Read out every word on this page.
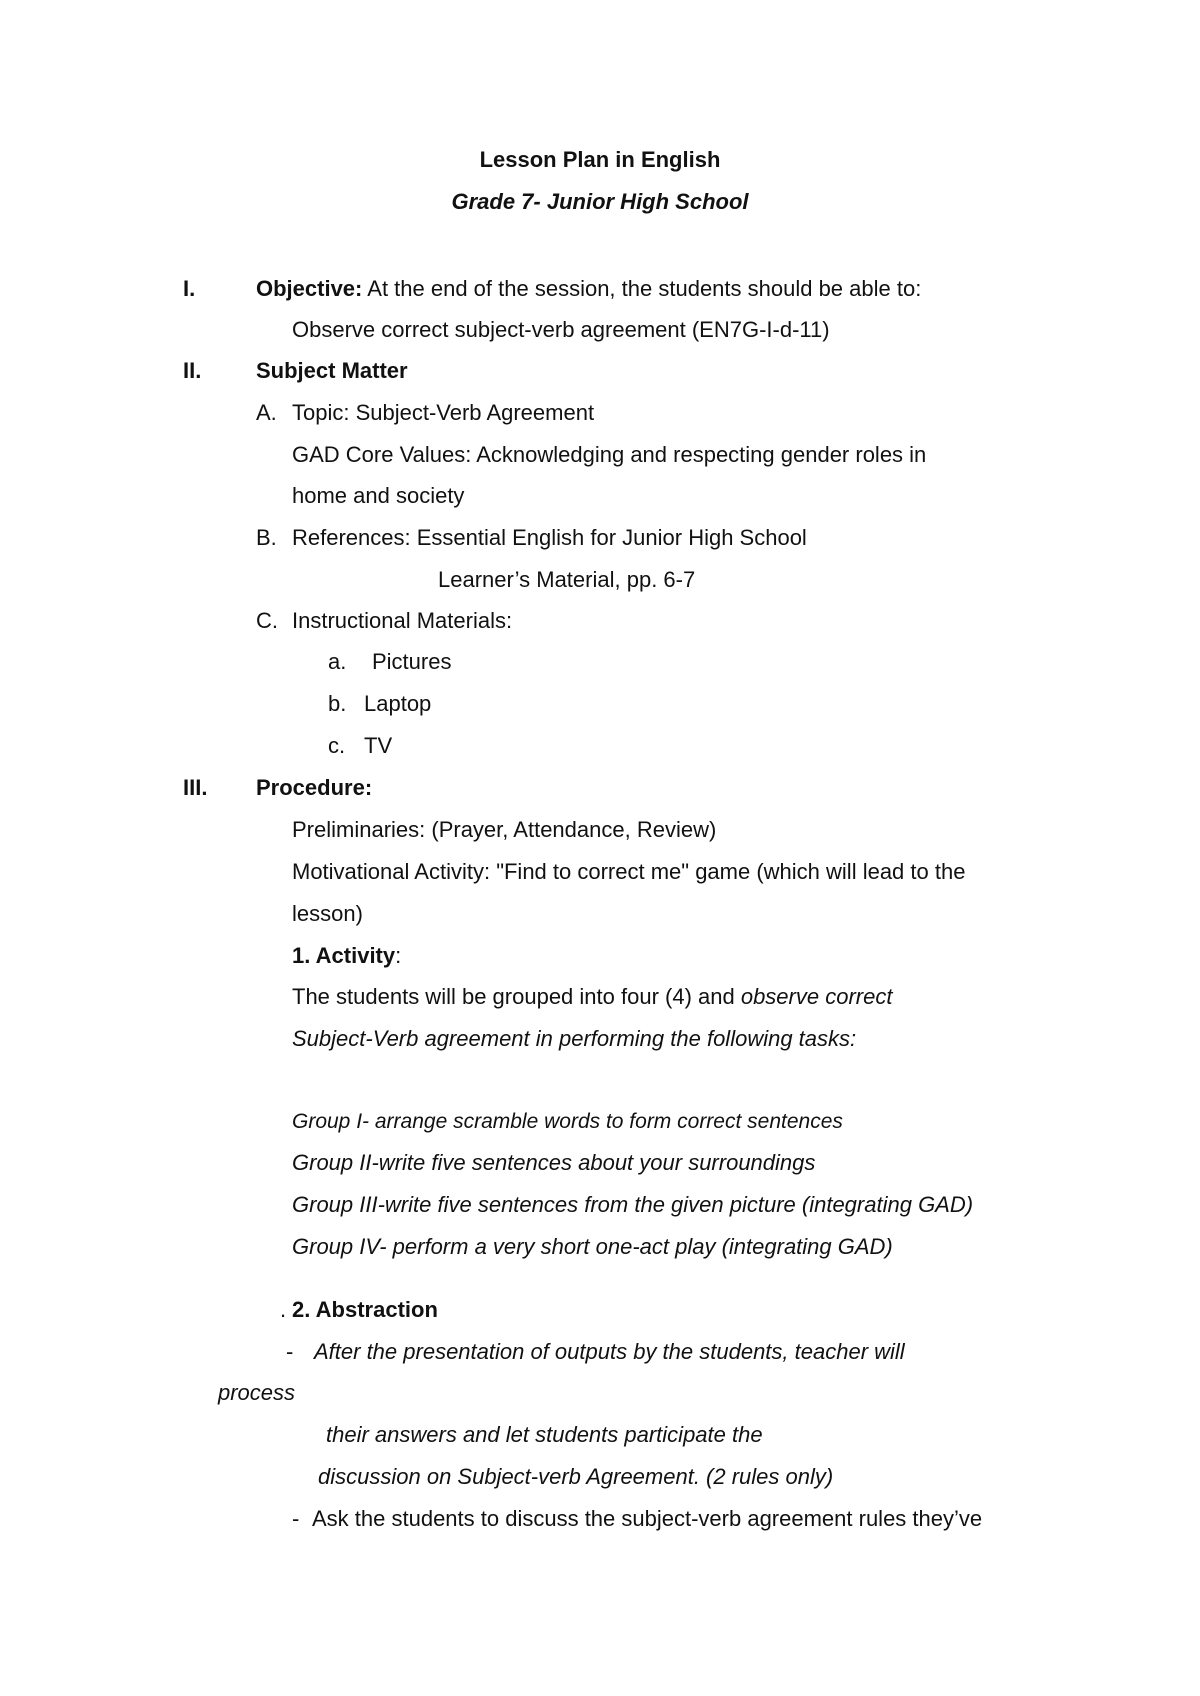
Lesson Plan in English
Grade 7- Junior High School
I.	Objective: At the end of the session, the students should be able to:
Observe correct subject-verb agreement (EN7G-I-d-11)
II. Subject Matter
A. Topic: Subject-Verb Agreement
GAD Core Values: Acknowledging and respecting gender roles in
home and society
B. References: Essential English for Junior High School
Learner’s Material, pp. 6-7
C. Instructional Materials:
a. Pictures
b. Laptop
c. TV
III. Procedure:
Preliminaries: (Prayer, Attendance, Review)
Motivational Activity: "Find to correct me" game (which will lead to the
lesson)
1. Activity:
The students will be grouped into four (4) and observe correct
Subject-Verb agreement in performing the following tasks:
Group I- arrange scramble words to form correct sentences
Group II-write five sentences about your surroundings
Group III-write five sentences from the given picture (integrating GAD)
Group IV- perform a very short one-act play (integrating GAD)
. 2. Abstraction
- After the presentation of outputs by the students, teacher will
process
their answers and let students participate the
discussion on Subject-verb Agreement. (2 rules only)
- Ask the students to discuss the subject-verb agreement rules they’ve
